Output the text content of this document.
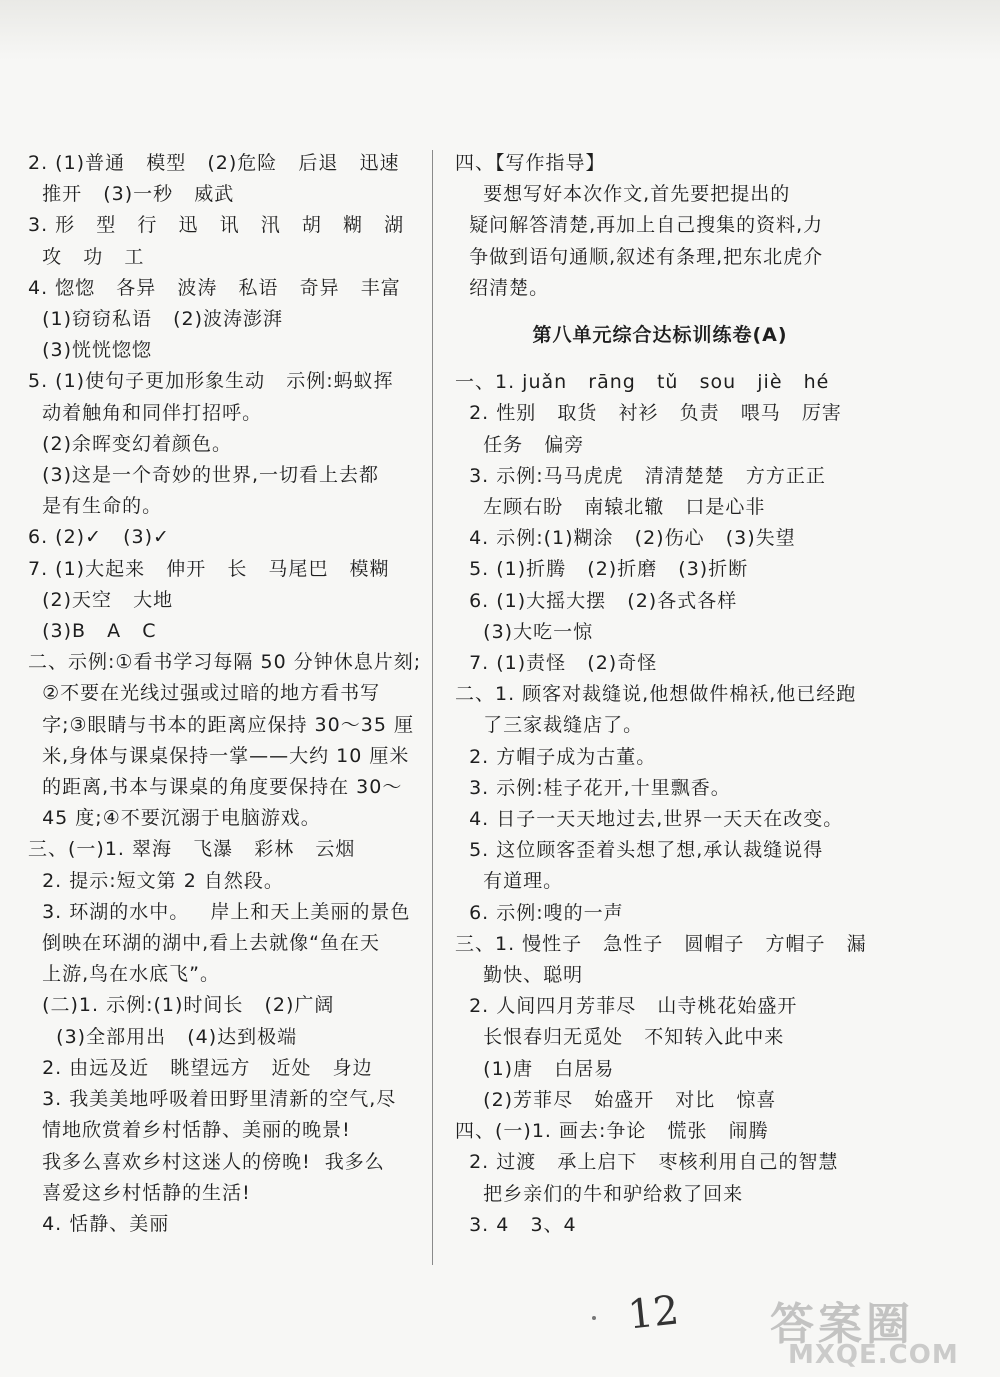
2. (1)普通   模型   (2)危险   后退   迅速
推开   (3)一秒   威武
3. 形   型   行   迅   讯   汛   胡   糊   湖
攻   功   工
4. 惚惚   各异   波涛   私语   奇异   丰富
(1)窃窃私语   (2)波涛澎湃
(3)恍恍惚惚
5. (1)使句子更加形象生动   示例:蚂蚁挥
动着触角和同伴打招呼。
(2)余晖变幻着颜色。
(3)这是一个奇妙的世界,一切看上去都
是有生命的。
6. (2)✓   (3)✓
7. (1)大起来   伸开   长   马尾巴   模糊
(2)天空   大地
(3)B   A   C
二、示例:①看书学习每隔 50 分钟休息片刻;
②不要在光线过强或过暗的地方看书写
字;③眼睛与书本的距离应保持 30～35 厘
米,身体与课桌保持一掌——大约 10 厘米
的距离,书本与课桌的角度要保持在 30～
45 度;④不要沉溺于电脑游戏。
三、(一)1. 翠海   飞瀑   彩林   云烟
2. 提示:短文第 2 自然段。
3. 环湖的水中。   岸上和天上美丽的景色
倒映在环湖的湖中,看上去就像“鱼在天
上游,鸟在水底飞”。
(二)1. 示例:(1)时间长   (2)广阔
(3)全部用出   (4)达到极端
2. 由远及近   眺望远方   近处   身边
3. 我美美地呼吸着田野里清新的空气,尽
情地欣赏着乡村恬静、美丽的晚景!
我多么喜欢乡村这迷人的傍晚!  我多么
喜爱这乡村恬静的生活!
4. 恬静、美丽
四、【写作指导】
要想写好本次作文,首先要把提出的
疑问解答清楚,再加上自己搜集的资料,力
争做到语句通顺,叙述有条理,把东北虎介
绍清楚。
第八单元综合达标训练卷(A)
一、1. juǎn   rāng   tǔ   sou   jiè   hé
2. 性别   取货   衬衫   负责   喂马   厉害
任务   偏旁
3. 示例:马马虎虎   清清楚楚   方方正正
左顾右盼   南辕北辙   口是心非
4. 示例:(1)糊涂   (2)伤心   (3)失望
5. (1)折腾   (2)折磨   (3)折断
6. (1)大摇大摆   (2)各式各样
(3)大吃一惊
7. (1)责怪   (2)奇怪
二、1. 顾客对裁缝说,他想做件棉袄,他已经跑
了三家裁缝店了。
2. 方帽子成为古董。
3. 示例:桂子花开,十里飘香。
4. 日子一天天地过去,世界一天天在改变。
5. 这位顾客歪着头想了想,承认裁缝说得
有道理。
6. 示例:嗖的一声
三、1. 慢性子   急性子   圆帽子   方帽子   漏
勤快、聪明
2. 人间四月芳菲尽   山寺桃花始盛开
长恨春归无觅处   不知转入此中来
(1)唐   白居易
(2)芳菲尽   始盛开   对比   惊喜
四、(一)1. 画去:争论   慌张   闹腾
2. 过渡   承上启下   枣核利用自己的智慧
把乡亲们的牛和驴给救了回来
3. 4   3、4
12 答案圈
MXQE.COM
